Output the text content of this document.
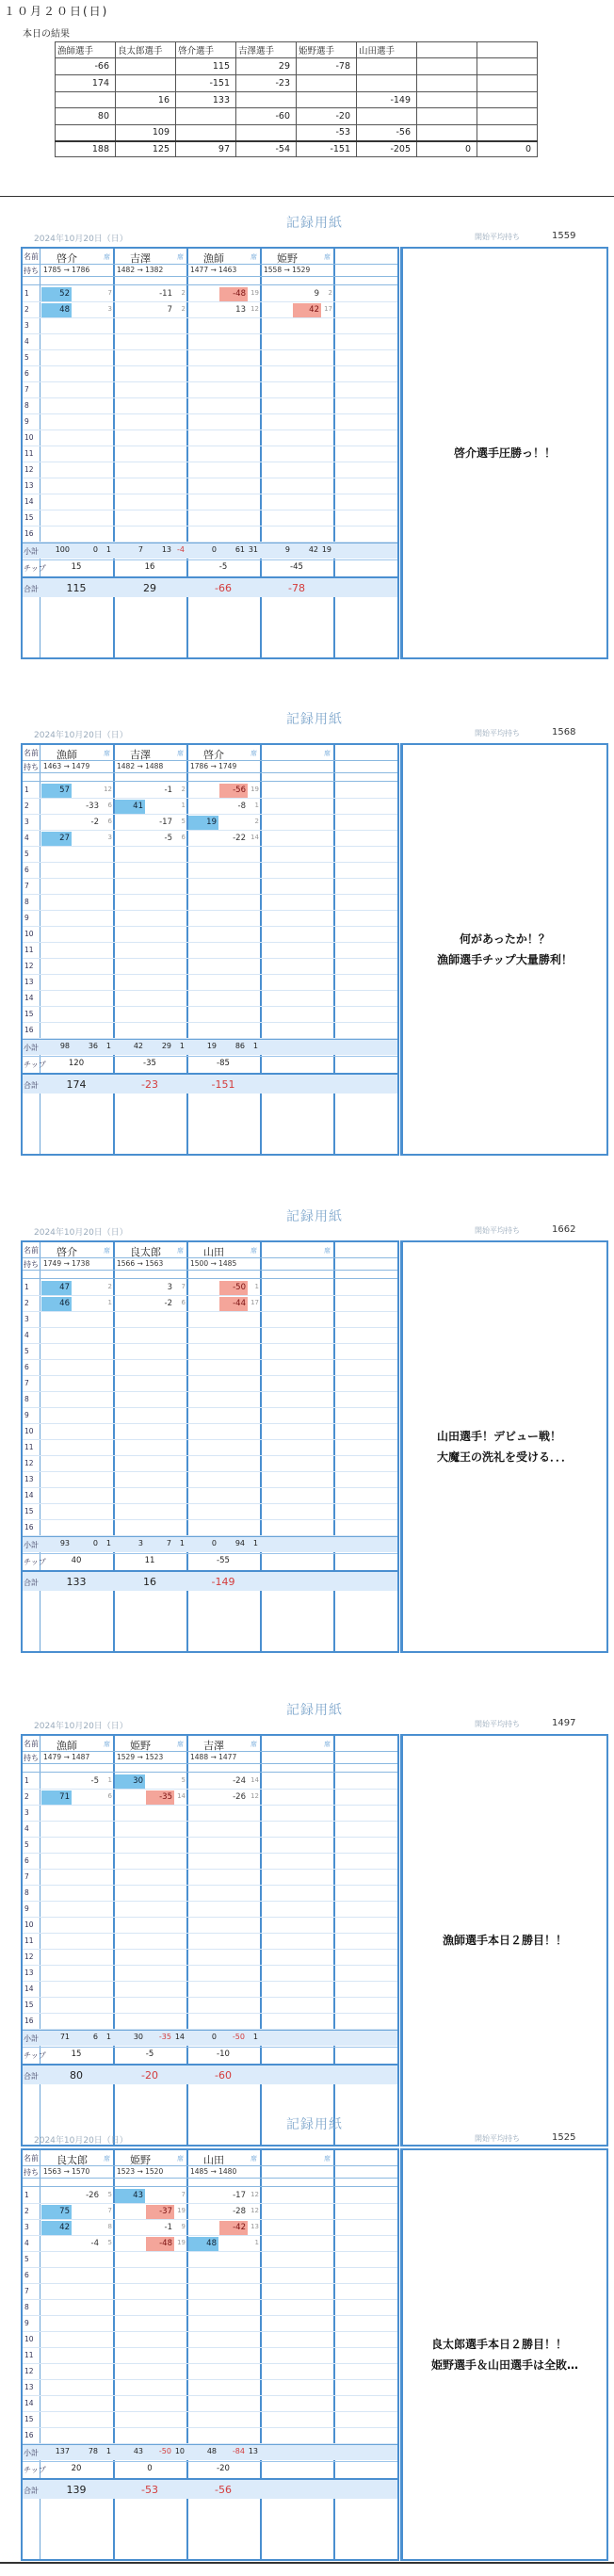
１０月２０日(日)
本日の結果
漁師選手	良太郎選手	啓介選手	吉澤選手	姫野選手	山田選手		
-66		115	29	-78			
174		-151	-23				
	16	133			-149		
80			-60	-20			
	109			-53	-56		
188	125	97	-54	-151	-205	0	0
記録用紙
2024年10月20日（日）	開始平均持ち	1559
名前
持ち
啓介	席
1785 → 1786
吉澤	席
1482 → 1382
漁師	席
1477 → 1463
姫野	席
1558 → 1529
1	52	7	-11	2	-48 19	9	2
2	48	3	7	2	13 12	42 17
3
4
5
6
7
8
9
10
11
12
13
14
15
16
小計	100	0	1	7	13 -4	0	61 31	9	42 19
チップ	15	16	-5	-45
合計	115	29	-66	-78
啓介選手圧勝っ！！
記録用紙
2024年10月20日（日）	開始平均持ち	1568
名前
持ち
漁師	席
1463 → 1479
吉澤	席
1482 → 1488
啓介	席
1786 → 1749
席
1	57	12	-1	2	-56 19
2	-33	6	41	1	-8	1
3	-2	6	-17	5	19	2
4	27	3	-5	6	-22 14
5
6
7
8
9
10
11
12
13
14
15
16
小計	98	36	1	42	29	1	19	86	1
チップ	120	-35	-85
合計	174	-23	-151
何があったか！？
漁師選手チップ大量勝利！
記録用紙
2024年10月20日（日）	開始平均持ち	1662
名前
持ち
啓介	席
1749 → 1738
良太郎 席
1566 → 1563
山田	席
1500 → 1485
席
1	47	2	3	7	-50	1
2	46	1	-2	6	-44 17
3
4
5
6
7
8
9
10
11
12
13
14
15
16
小計	93	0	1	3	7	1	0	94	1
チップ	40	11	-55
合計	133	16	-149
山田選手！デビュー戦！
大魔王の洗礼を受ける．．．
記録用紙
2024年10月20日（日）	開始平均持ち	1497
名前
持ち
漁師	席
1479 → 1487
姫野	席
1529 → 1523
吉澤	席
1488 → 1477
席
1	-5	1	30	5	-24 14
2	71	6	-35 14	-26 12
3
4
5
6
7
8
9
10
11
12
13
14
15
16
小計	71	6	1	30	-35 14	0	-50	1
チップ	15	-5	-10
合計	80	-20	-60
漁師選手本日２勝目！！
記録用紙
2024年10月20日（日）	開始平均持ち	1525
名前
持ち
良太郎 席
1563 → 1570
姫野	席
1523 → 1520
山田	席
1485 → 1480
席
1	-26	5	43	7	-17 12
2	75	7	-37 19	-28 12
3	42	8	-1	9	-42 13
4	-4	5	-48 19	48	1
5
6
7
8
9
10
11
12
13
14
15
16
小計	137	78	1	43	-50 10	48	-84 13
チップ	20	0	-20
合計	139	-53	-56
良太郎選手本日２勝目！！
姫野選手＆山田選手は全敗…
